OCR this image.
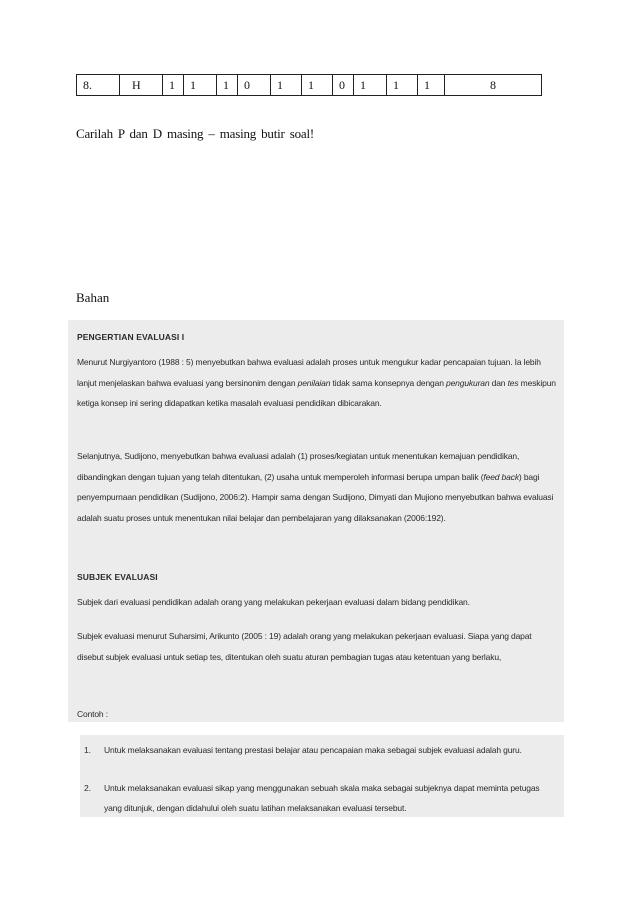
8.	H	1	1	1	0	1	1	0	1	1	1	8
Carilah P dan D masing – masing butir soal!
Bahan
PENGERTIAN EVALUASI I

Menurut Nurgiyantoro (1988 : 5) menyebutkan bahwa evaluasi adalah proses untuk mengukur kadar pencapaian tujuan. Ia lebih lanjut menjelaskan bahwa evaluasi yang bersinonim dengan penilaian tidak sama konsepnya dengan pengukuran dan tes meskipun ketiga konsep ini sering didapatkan ketika masalah evaluasi pendidikan dibicarakan.

Selanjutnya, Sudijono, menyebutkan bahwa evaluasi adalah (1) proses/kegiatan untuk menentukan kemajuan pendidikan, dibandingkan dengan tujuan yang telah ditentukan, (2) usaha untuk memperoleh informasi berupa umpan balik (feed back) bagi penyempurnaan pendidikan (Sudijono, 2006:2). Hampir sama dengan Sudijono, Dimyati dan Mujiono menyebutkan bahwa evaluasi adalah suatu proses untuk menentukan nilai belajar dan pembelajaran yang dilaksanakan (2006:192).

SUBJEK EVALUASI

Subjek dari evaluasi pendidikan adalah orang yang melakukan pekerjaan evaluasi dalam bidang pendidikan.

Subjek evaluasi menurut Suharsimi, Arikunto (2005 : 19) adalah orang yang melakukan pekerjaan evaluasi. Siapa yang dapat disebut subjek evaluasi untuk setiap tes, ditentukan oleh suatu aturan pembagian tugas atau ketentuan yang berlaku,

Contoh :

1. Untuk melaksanakan evaluasi tentang prestasi belajar atau pencapaian maka sebagai subjek evaluasi adalah guru.
2. Untuk melaksanakan evaluasi sikap yang menggunakan sebuah skala maka sebagai subjeknya dapat meminta petugas yang ditunjuk, dengan didahului oleh suatu latihan melaksanakan evaluasi tersebut.
